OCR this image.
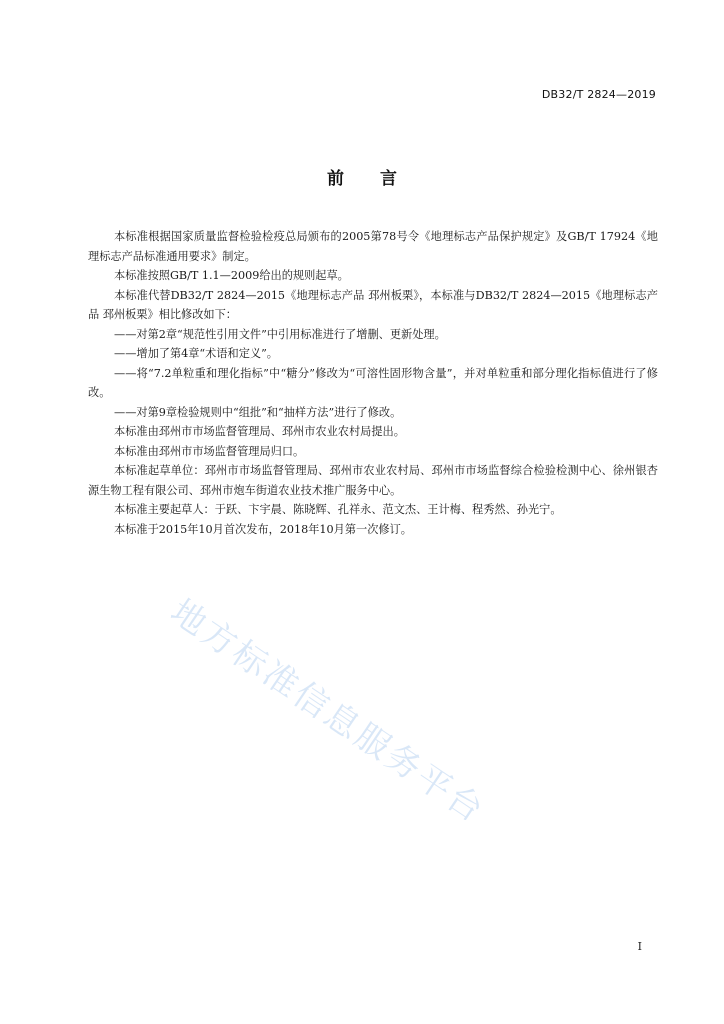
DB32/T 2824—2019
前言

本标准根据国家质量监督检验检疫总局颁布的2005第78号令《地理标志产品保护规定》及GB/T 17924《地理标志产品标准通用要求》制定。

本标准按照GB/T 1.1—2009给出的规则起草。

本标准代替DB32/T 2824—2015《地理标志产品 邳州板栗》，本标准与DB32/T 2824—2015《地理标志产品 邳州板栗》相比修改如下：

——对第2章“规范性引用文件”中引用标准进行了增删、更新处理。

——增加了第4章“术语和定义”。

——将“7.2单粒重和理化指标”中“糖分”修改为“可溶性固形物含量”，并对单粒重和部分理化指标值进行了修改。

——对第9章检验规则中“组批”和“抽样方法”进行了修改。

本标准由邳州市市场监督管理局、邳州市农业农村局提出。

本标准由邳州市市场监督管理局归口。

本标准起草单位：邳州市市场监督管理局、邳州市农业农村局、邳州市市场监督综合检验检测中心、徐州银杏源生物工程有限公司、邳州市炮车街道农业技术推广服务中心。

本标准主要起草人：于跃、卞宇晨、陈晓辉、孔祥永、范文杰、王计梅、程秀然、孙光宁。

本标准于2015年10月首次发布，2018年10月第一次修订。

地方标准信息服务平台
I
